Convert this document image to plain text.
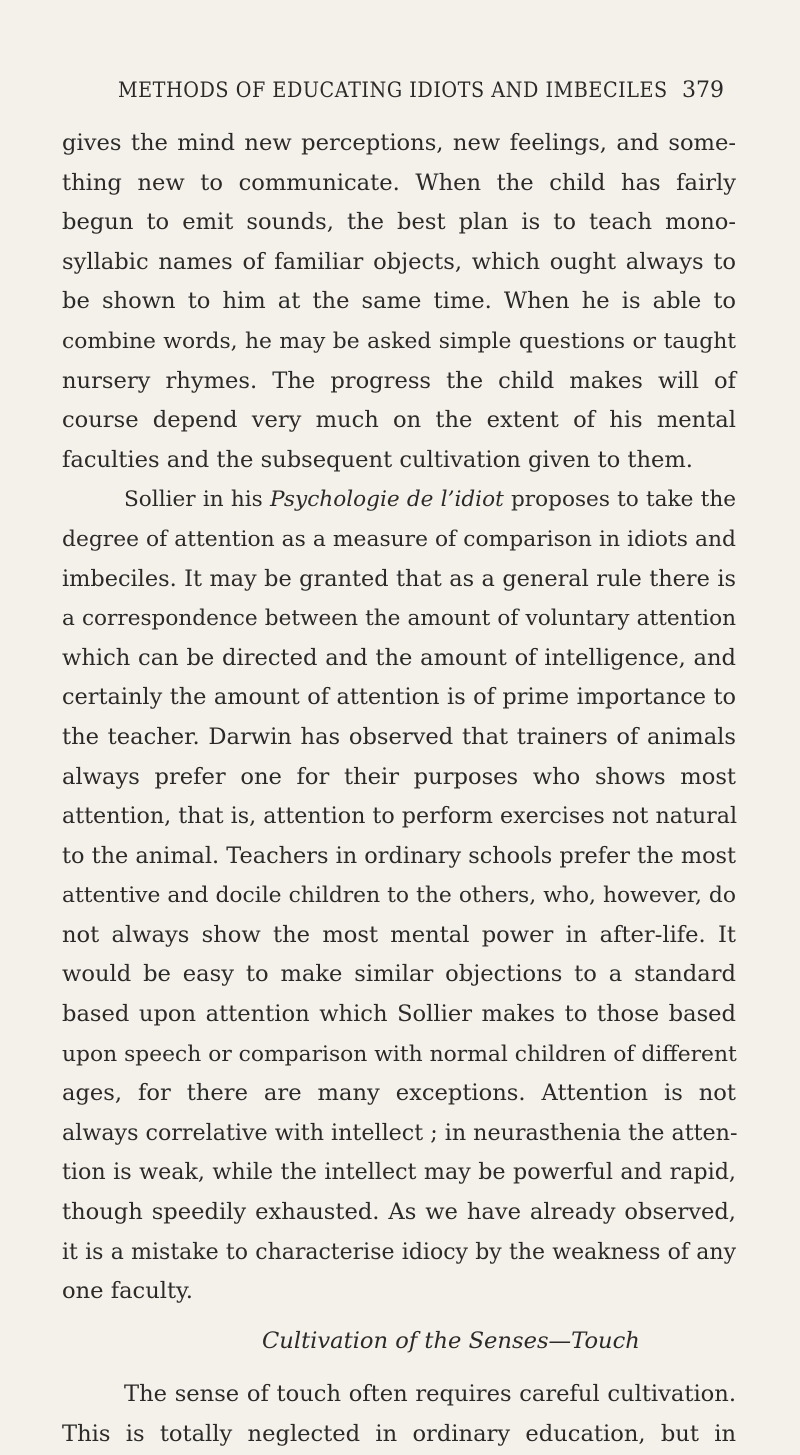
METHODS OF EDUCATING IDIOTS AND IMBECILES 379
gives the mind new perceptions, new feelings, and some-
thing new to communicate. When the child has fairly
begun to emit sounds, the best plan is to teach mono-
syllabic names of familiar objects, which ought always to
be shown to him at the same time. When he is able to
combine words, he may be asked simple questions or taught
nursery rhymes. The progress the child makes will of
course depend very much on the extent of his mental
faculties and the subsequent cultivation given to them.
Sollier in his Psychologie de l’idiot proposes to take the
degree of attention as a measure of comparison in idiots and
imbeciles. It may be granted that as a general rule there is
a correspondence between the amount of voluntary attention
which can be directed and the amount of intelligence, and
certainly the amount of attention is of prime importance to
the teacher. Darwin has observed that trainers of animals
always prefer one for their purposes who shows most
attention, that is, attention to perform exercises not natural
to the animal. Teachers in ordinary schools prefer the most
attentive and docile children to the others, who, however, do
not always show the most mental power in after-life. It
would be easy to make similar objections to a standard
based upon attention which Sollier makes to those based
upon speech or comparison with normal children of different
ages, for there are many exceptions. Attention is not
always correlative with intellect ; in neurasthenia the atten-
tion is weak, while the intellect may be powerful and rapid,
though speedily exhausted. As we have already observed,
it is a mistake to characterise idiocy by the weakness of any
one faculty.
Cultivation of the Senses—Touch
The sense of touch often requires careful cultivation.
This is totally neglected in ordinary education, but in
